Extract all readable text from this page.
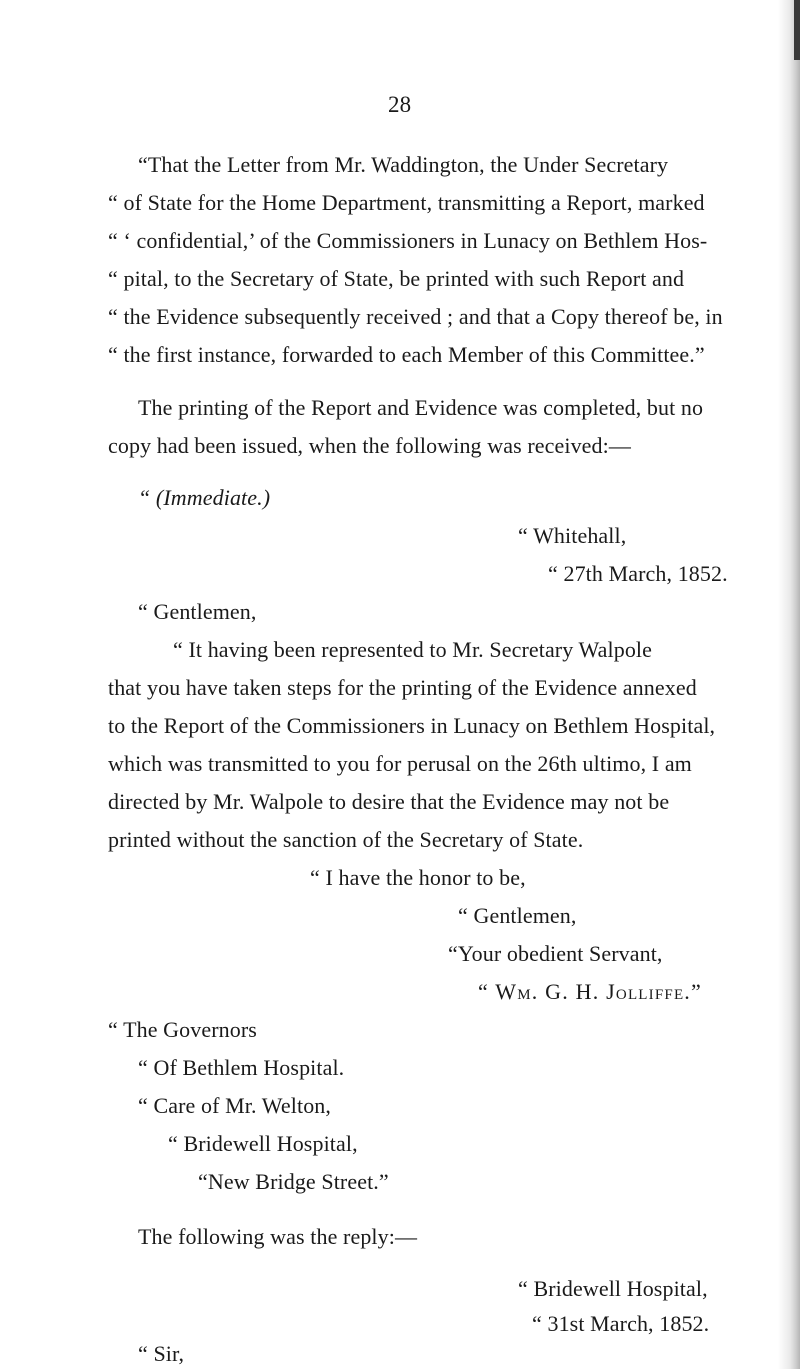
28
“That the Letter from Mr. Waddington, the Under Secretary
“ of State for the Home Department, transmitting a Report, marked
“ ‘ confidential,’ of the Commissioners in Lunacy on Bethlem Hos-
“ pital, to the Secretary of State, be printed with such Report and
“ the Evidence subsequently received ; and that a Copy thereof be, in
“ the first instance, forwarded to each Member of this Committee.”
The printing of the Report and Evidence was completed, but no
copy had been issued, when the following was received:—
“ (Immediate.)
“ Whitehall,
“ 27th March, 1852.
“ Gentlemen,
“ It having been represented to Mr. Secretary Walpole
that you have taken steps for the printing of the Evidence annexed
to the Report of the Commissioners in Lunacy on Bethlem Hospital,
which was transmitted to you for perusal on the 26th ultimo, I am
directed by Mr. Walpole to desire that the Evidence may not be
printed without the sanction of the Secretary of State.
“ I have the honor to be,
“ Gentlemen,
“Your obedient Servant,
“ Wm. G. H. Jolliffe.”
“ The Governors
“ Of Bethlem Hospital.
“ Care of Mr. Welton,
“ Bridewell Hospital,
“New Bridge Street.”
The following was the reply:—
“ Bridewell Hospital,
“ 31st March, 1852.
“ Sir,
